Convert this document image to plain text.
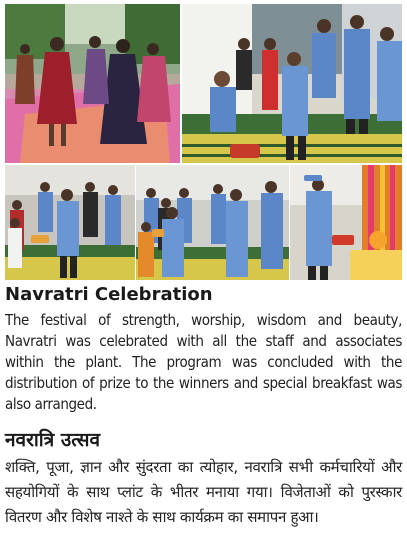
Navratri Celebration
The festival of strength, worship, wisdom and beauty, Navratri was celebrated with all the staff and associates within the plant. The program was concluded with the distribution of prize to the winners and special breakfast was also arranged.
नवरात्रि उत्सव
शक्ति, पूजा, ज्ञान और सुंदरता का त्योहार, नवरात्रि सभी कर्मचारियों और सहयोगियों के साथ प्लांट के भीतर मनाया गया। विजेताओं को पुरस्कार वितरण और विशेष नाश्ते के साथ कार्यक्रम का समापन हुआ।
